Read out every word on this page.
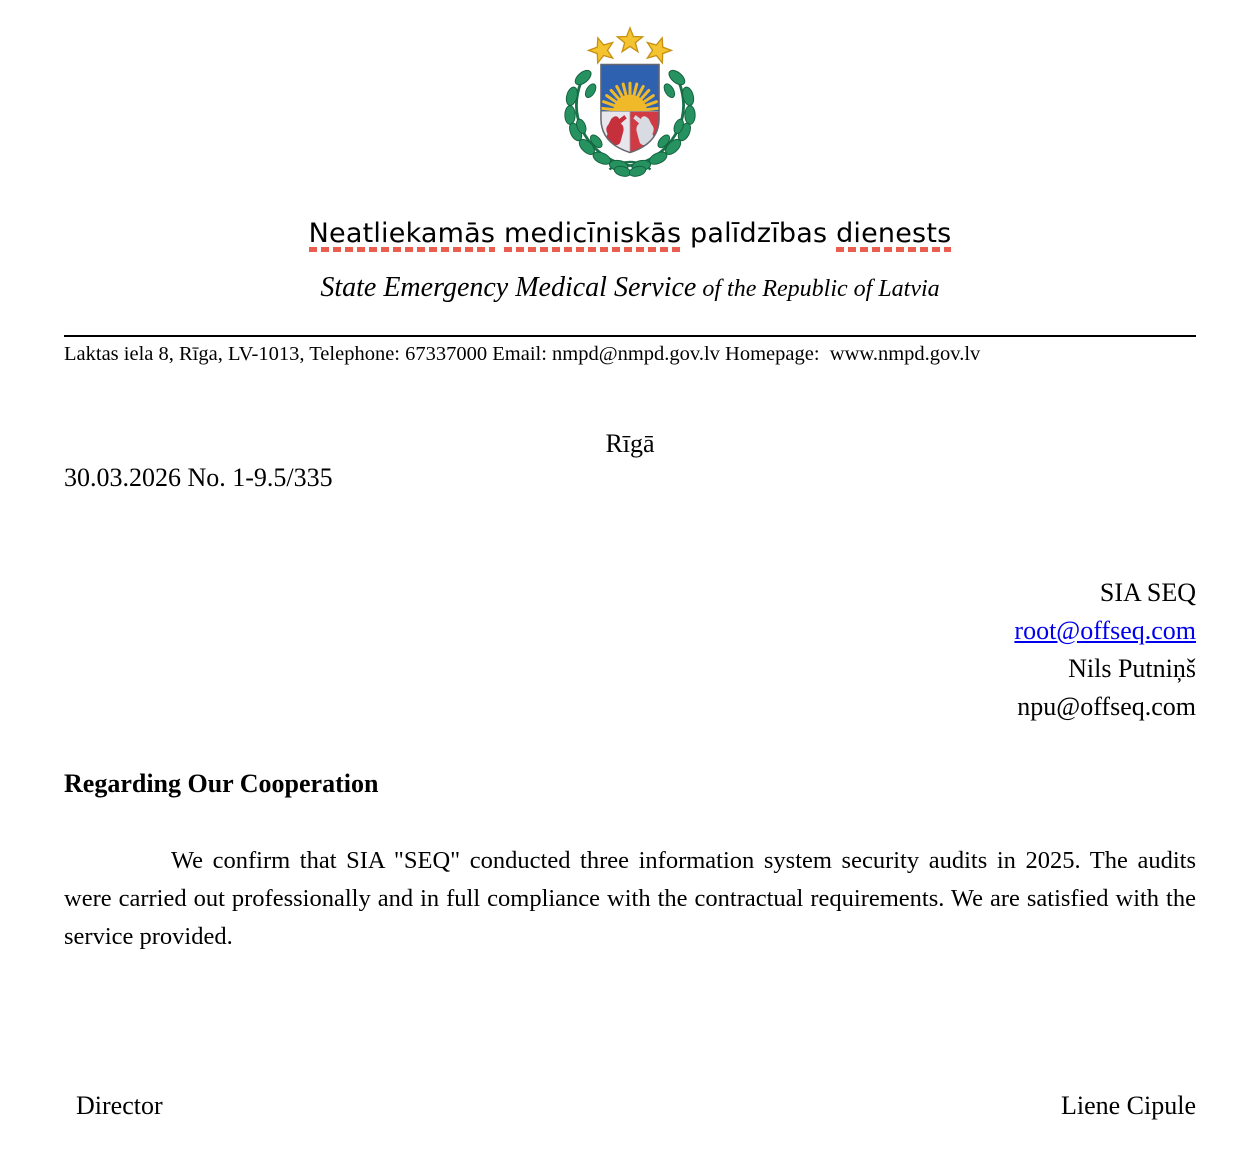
Neatliekamās medicīniskās palīdzības dienests
State Emergency Medical Service of the Republic of Latvia
Laktas iela 8, Rīga, LV-1013, Telephone: 67337000 Email: nmpd@nmpd.gov.lv Homepage:  www.nmpd.gov.lv
Rīgā
30.03.2026 No. 1-9.5/335
SIA SEQ
root@offseq.com
Nils Putniņš
npu@offseq.com
Regarding Our Cooperation

We confirm that SIA "SEQ" conducted three information system security audits in 2025. The audits were carried out professionally and in full compliance with the contractual requirements. We are satisfied with the service provided.

Director	Liene Cipule
